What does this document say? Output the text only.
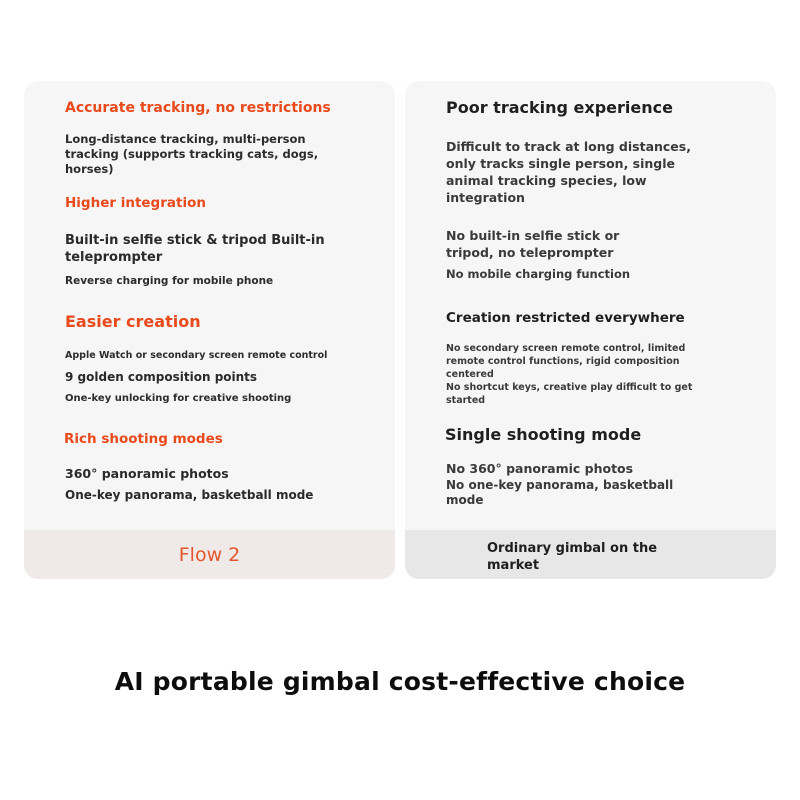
Accurate tracking, no restrictions

Long-distance tracking, multi-person tracking (supports tracking cats, dogs, horses)

Higher integration

Built-in selfie stick & tripod Built-in teleprompter

Reverse charging for mobile phone

Easier creation

Apple Watch or secondary screen remote control

9 golden composition points

One-key unlocking for creative shooting

Rich shooting modes

360° panoramic photos

One-key panorama, basketball mode

Flow 2

Poor tracking experience

Difficult to track at long distances, only tracks single person, single animal tracking species, low integration

No built-in selfie stick or tripod, no teleprompter

No mobile charging function

Creation restricted everywhere

No secondary screen remote control, limited remote control functions, rigid composition centered

No shortcut keys, creative play difficult to get started

Single shooting mode

No 360° panoramic photos

No one-key panorama, basketball mode

Ordinary gimbal on the market
AI portable gimbal cost-effective choice
